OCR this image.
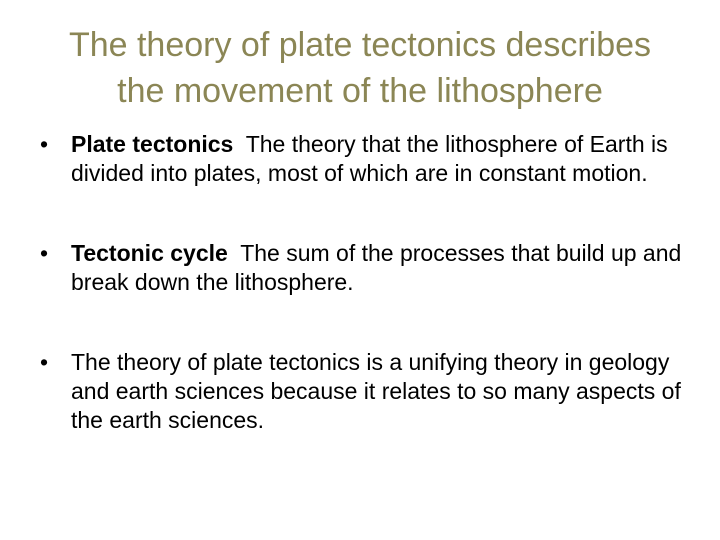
The theory of plate tectonics describes
the movement of the lithosphere
• Plate tectonics The theory that the lithosphere of Earth is divided into plates, most of which are in constant motion.
• Tectonic cycle The sum of the processes that build up and break down the lithosphere.
• The theory of plate tectonics is a unifying theory in geology and earth sciences because it relates to so many aspects of the earth sciences.
